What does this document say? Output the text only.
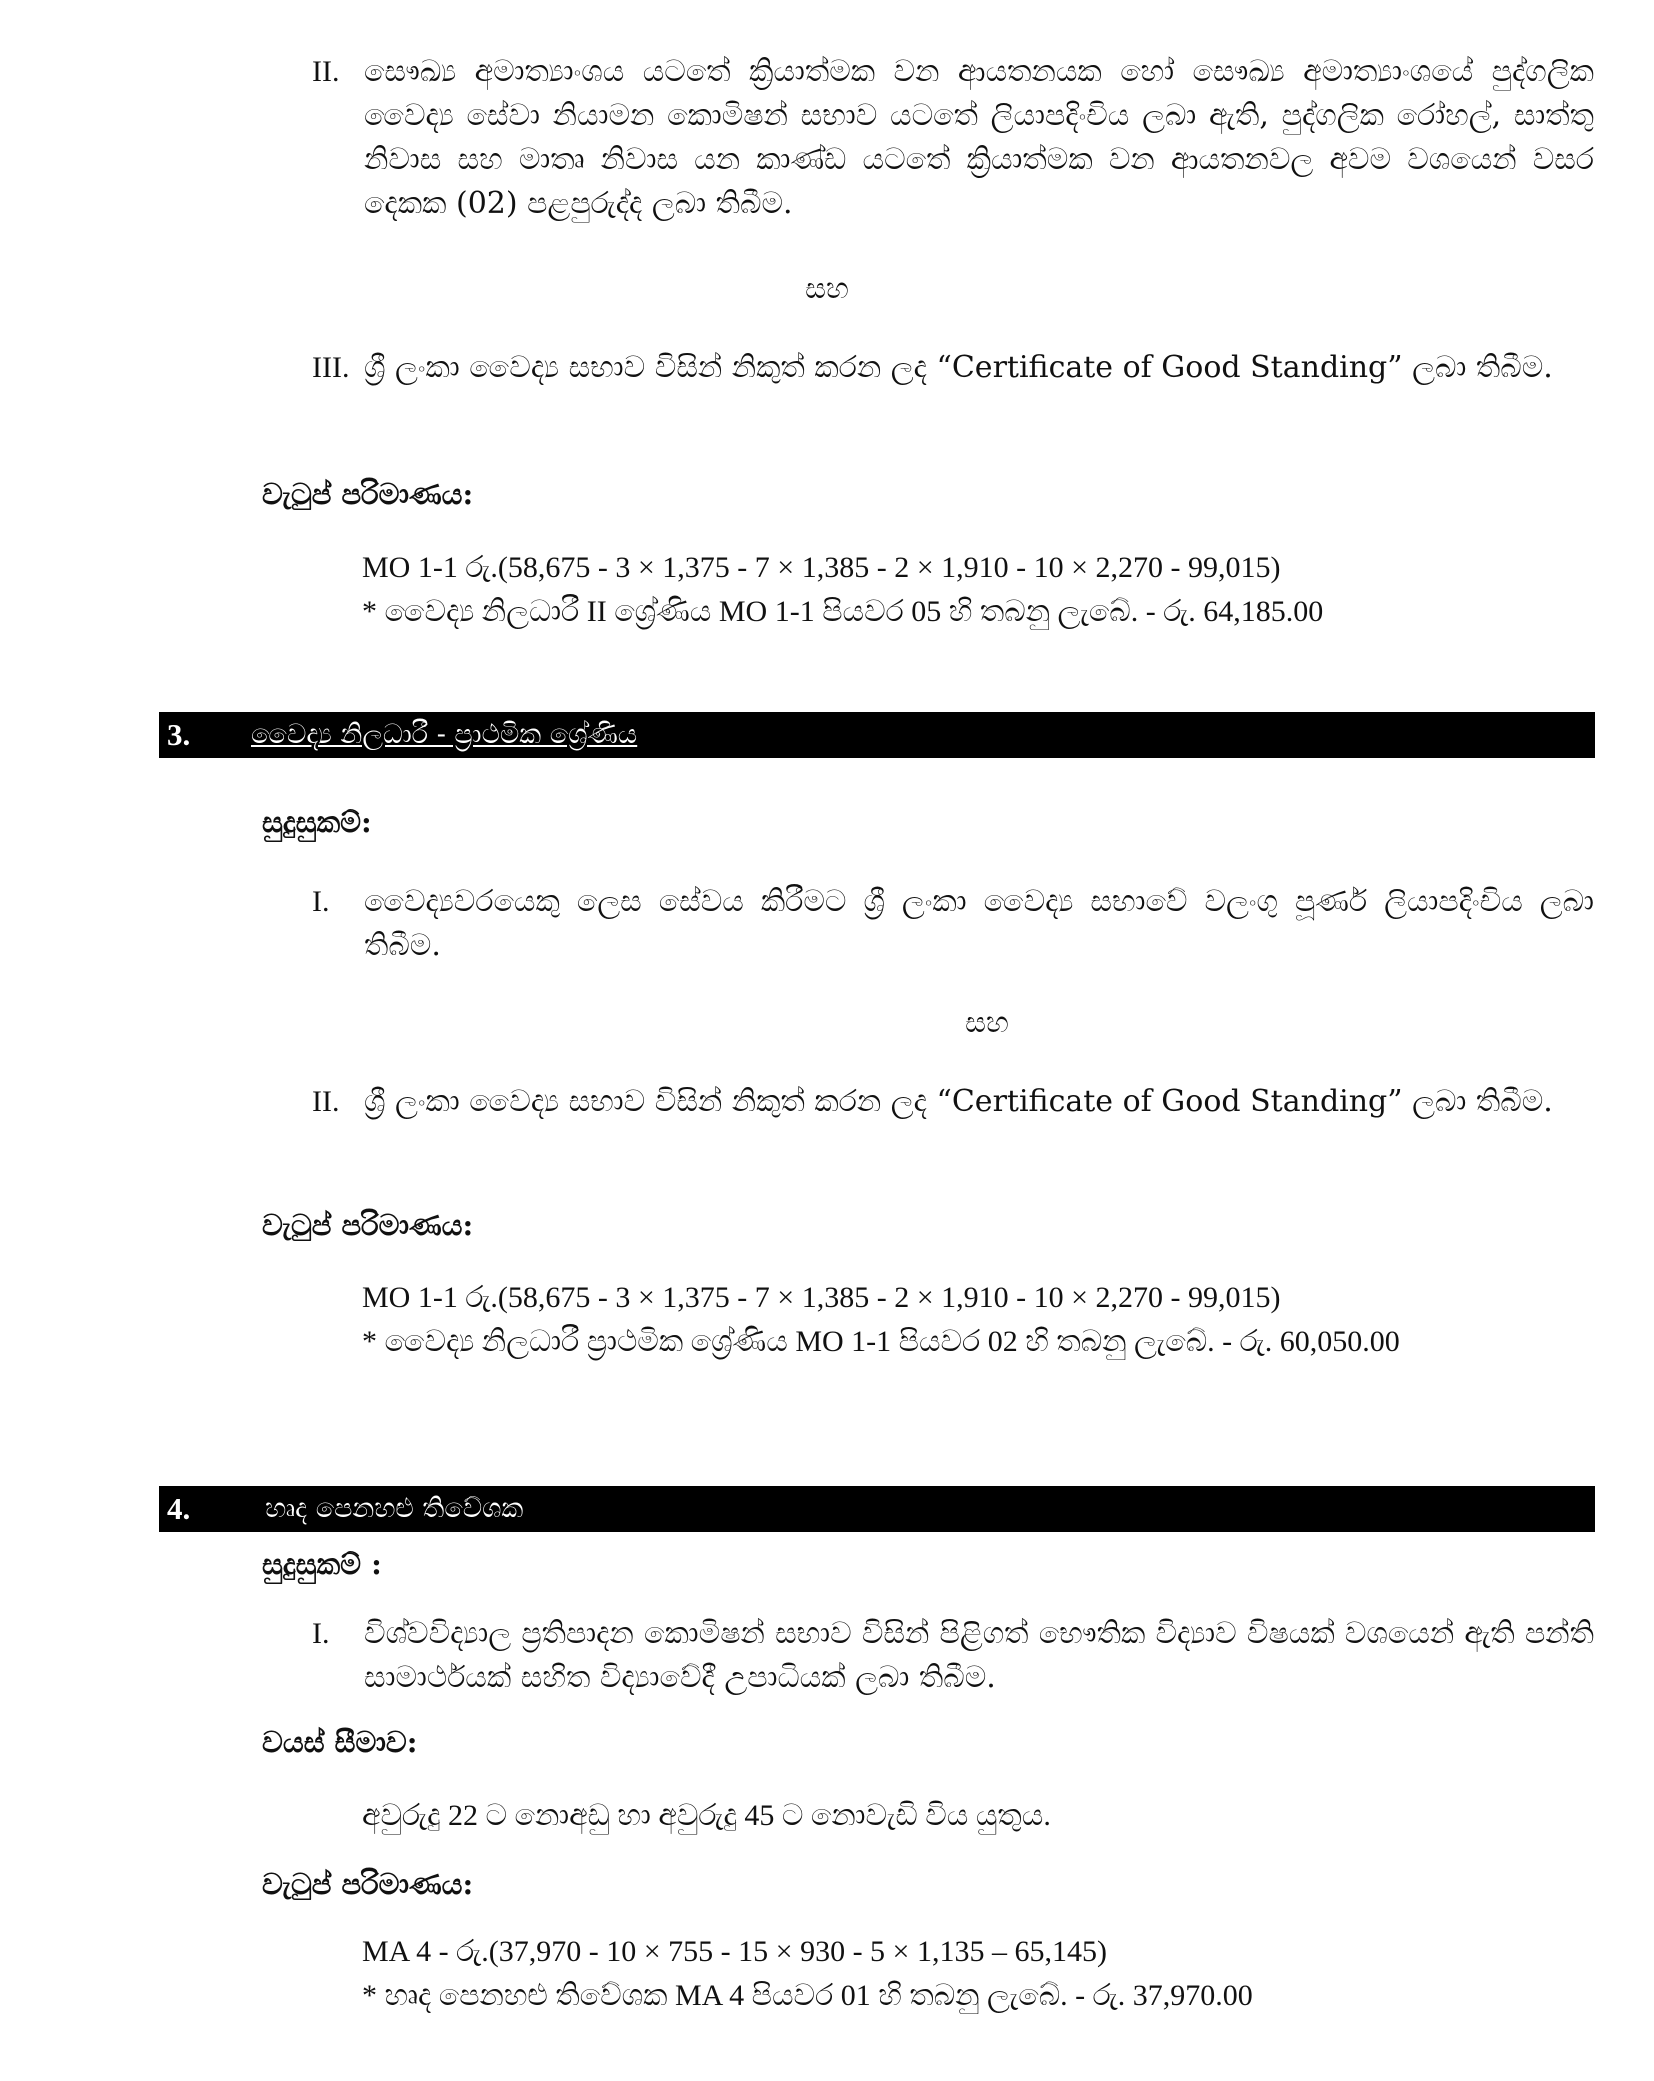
II. සෞඛ්‍ය අමාත්‍යාංශය යටතේ ක්‍රියාත්මක වන ආයතනයක හෝ සෞඛ්‍ය අමාත්‍යාංශයේ පුද්ගලික වෛද්‍ය සේවා නියාමන කොමිෂන් සභාව යටතේ ලියාපදිංචිය ලබා ඇති, පුද්ගලික රෝහල්, සාත්තු නිවාස සහ මාතෘ නිවාස යන කාණ්ඩ යටතේ ක්‍රියාත්මක වන ආයතනවල අවම වශයෙන් වසර දෙකක (02) පළපුරුද්ද ලබා තිබීම.
සහ
III. ශ්‍රී ලංකා වෛද්‍ය සභාව විසින් නිකුත් කරන ලද “Certificate of Good Standing” ලබා තිබීම.
වැටුප් පරිමාණය:
MO 1-1 රු.(58,675 - 3 × 1,375 - 7 × 1,385 - 2 × 1,910 - 10 × 2,270 - 99,015)
* වෛද්‍ය නිලධාරී II ශ්‍රේණිය MO 1-1 පියවර 05 හි තබනු ලැබේ. - රු. 64,185.00
3. වෛද්‍ය නිලධාරී - ප්‍රාථමික ශ්‍රේණිය
සුදුසුකම්:
I. වෛද්‍යවරයෙකු ලෙස සේවය කිරීමට ශ්‍රී ලංකා වෛද්‍ය සභාවේ වලංගු පූර්ණ ලියාපදිංචිය ලබා තිබීම.
සහ
II. ශ්‍රී ලංකා වෛද්‍ය සභාව විසින් නිකුත් කරන ලද “Certificate of Good Standing” ලබා තිබීම.
වැටුප් පරිමාණය:
MO 1-1 රු.(58,675 - 3 × 1,375 - 7 × 1,385 - 2 × 1,910 - 10 × 2,270 - 99,015)
* වෛද්‍ය නිලධාරී ප්‍රාථමික ශ්‍රේණිය MO 1-1 පියවර 02 හි තබනු ලැබේ. - රු. 60,050.00
4.	හෘද පෙනහළු තිවේශක
සුදුසුකම් :
I. විශ්වවිද්‍යාල ප්‍රතිපාදන කොමිෂන් සභාව විසින් පිළිගත් භෞතික විද්‍යාව විෂයක් වශයෙන් ඇති පන්ති සාමාර්ථයක් සහිත විද්‍යාවේදී උපාධියක් ලබා තිබීම.
වයස් සීමාව:
අවුරුදු 22 ට නොඅඩු හා අවුරුදු 45 ට නොවැඩි විය යුතුය.
වැටුප් පරිමාණය:
MA 4 - රු.(37,970 - 10 × 755 - 15 × 930 - 5 × 1,135 – 65,145)
* හෘද පෙනහළු තිවේශක MA 4 පියවර 01 හි තබනු ලැබේ. - රු. 37,970.00
